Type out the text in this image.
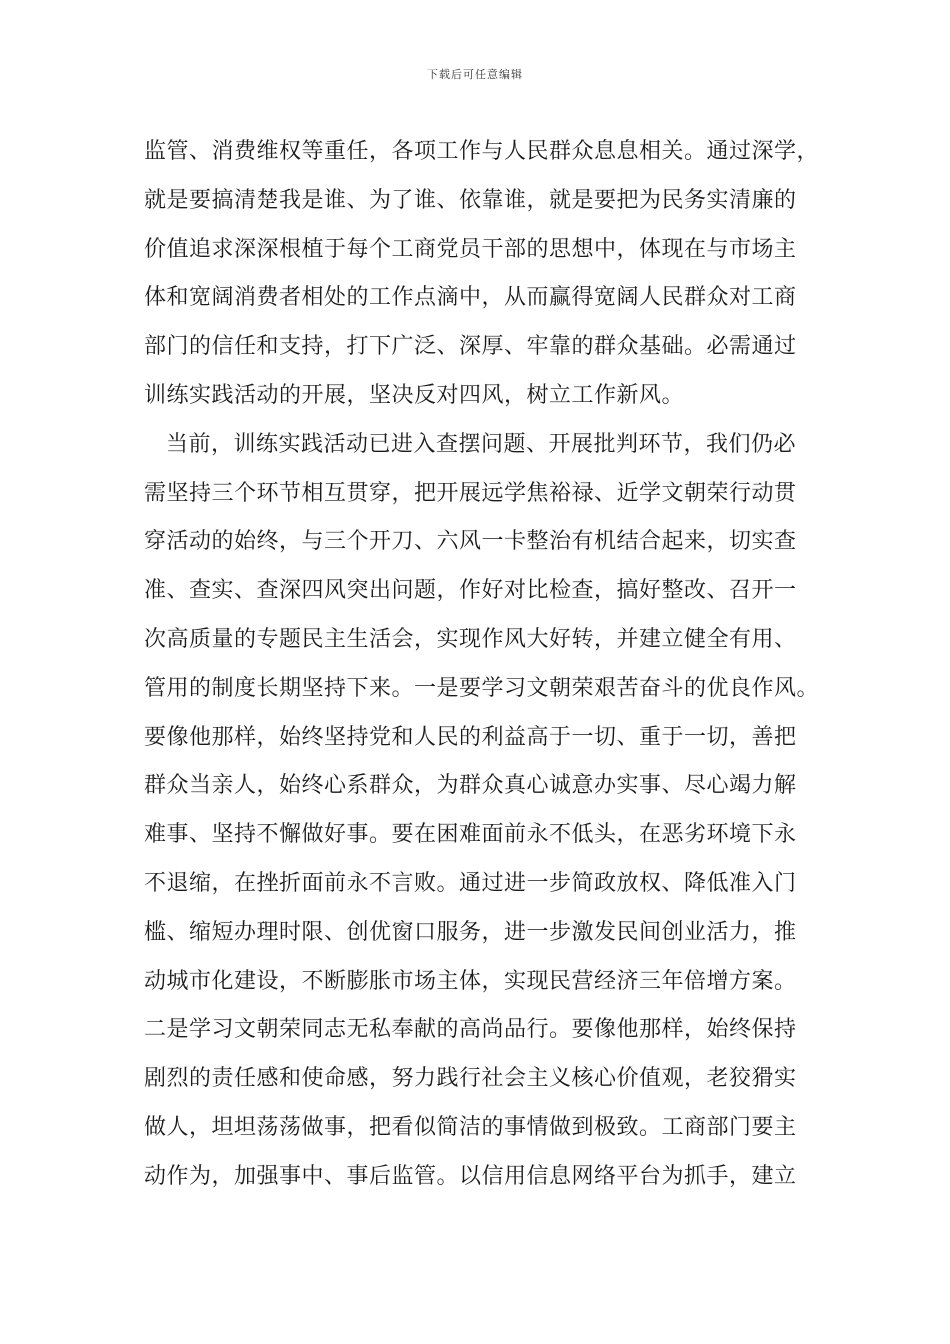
下载后可任意编辑
监管、消费维权等重任，各项工作与人民群众息息相关。通过深学，
就是要搞清楚我是谁、为了谁、依靠谁，就是要把为民务实清廉的
价值追求深深根植于每个工商党员干部的思想中，体现在与市场主
体和宽阔消费者相处的工作点滴中，从而赢得宽阔人民群众对工商
部门的信任和支持，打下广泛、深厚、牢靠的群众基础。必需通过
训练实践活动的开展，坚决反对四风，树立工作新风。
当前，训练实践活动已进入查摆问题、开展批判环节，我们仍必
需坚持三个环节相互贯穿，把开展远学焦裕禄、近学文朝荣行动贯
穿活动的始终，与三个开刀、六风一卡整治有机结合起来，切实查
准、查实、查深四风突出问题，作好对比检查，搞好整改、召开一
次高质量的专题民主生活会，实现作风大好转，并建立健全有用、
管用的制度长期坚持下来。一是要学习文朝荣艰苦奋斗的优良作风。
要像他那样，始终坚持党和人民的利益高于一切、重于一切，善把
群众当亲人，始终心系群众，为群众真心诚意办实事、尽心竭力解
难事、坚持不懈做好事。要在困难面前永不低头，在恶劣环境下永
不退缩，在挫折面前永不言败。通过进一步简政放权、降低准入门
槛、缩短办理时限、创优窗口服务，进一步激发民间创业活力，推
动城市化建设，不断膨胀市场主体，实现民营经济三年倍增方案。
二是学习文朝荣同志无私奉献的高尚品行。要像他那样，始终保持
剧烈的责任感和使命感，努力践行社会主义核心价值观，老狡猾实
做人，坦坦荡荡做事，把看似简洁的事情做到极致。工商部门要主
动作为，加强事中、事后监管。以信用信息网络平台为抓手，建立
